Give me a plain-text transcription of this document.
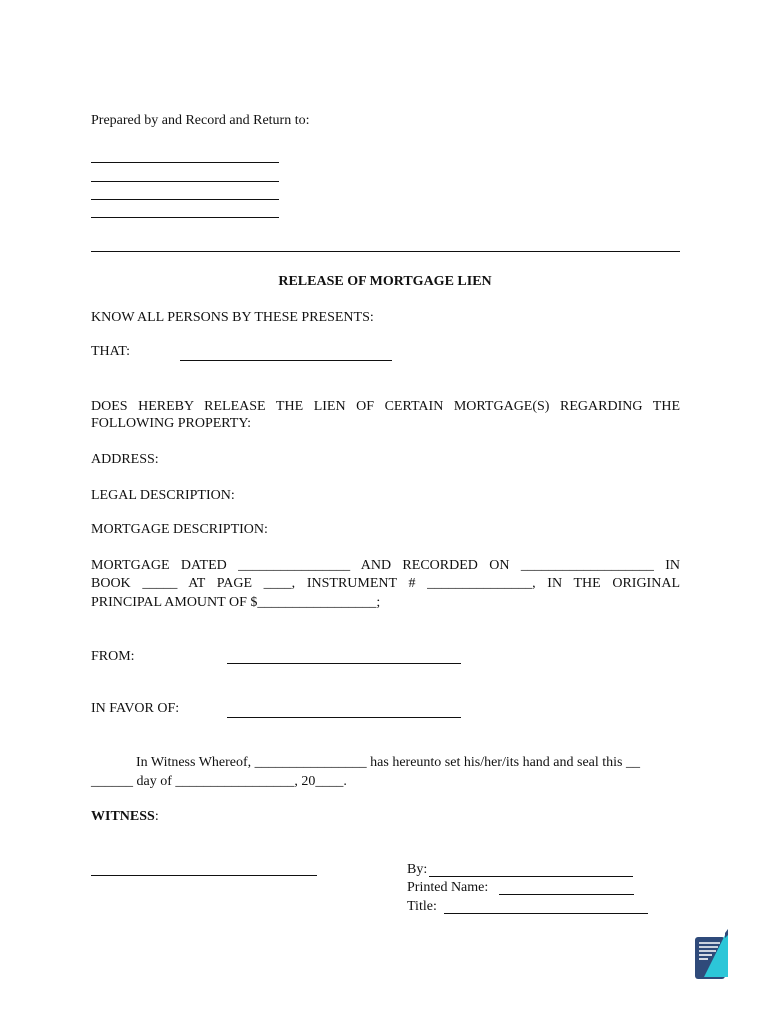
Prepared by and Record and Return to:
RELEASE OF MORTGAGE LIEN
KNOW ALL PERSONS BY THESE PRESENTS:
THAT:
DOES HEREBY RELEASE THE LIEN OF CERTAIN MORTGAGE(S) REGARDING THE
FOLLOWING PROPERTY:
ADDRESS:
LEGAL DESCRIPTION:
MORTGAGE DESCRIPTION:
MORTGAGE DATED ________________ AND RECORDED ON ___________________ IN
BOOK _____ AT PAGE ____, INSTRUMENT # _______________, IN THE ORIGINAL
PRINCIPAL AMOUNT OF $_________________;
FROM:
IN FAVOR OF:
In Witness Whereof, ________________ has hereunto set his/her/its hand and seal this __
______ day of _________________, 20____.
WITNESS:
By:
Printed Name:
Title:
